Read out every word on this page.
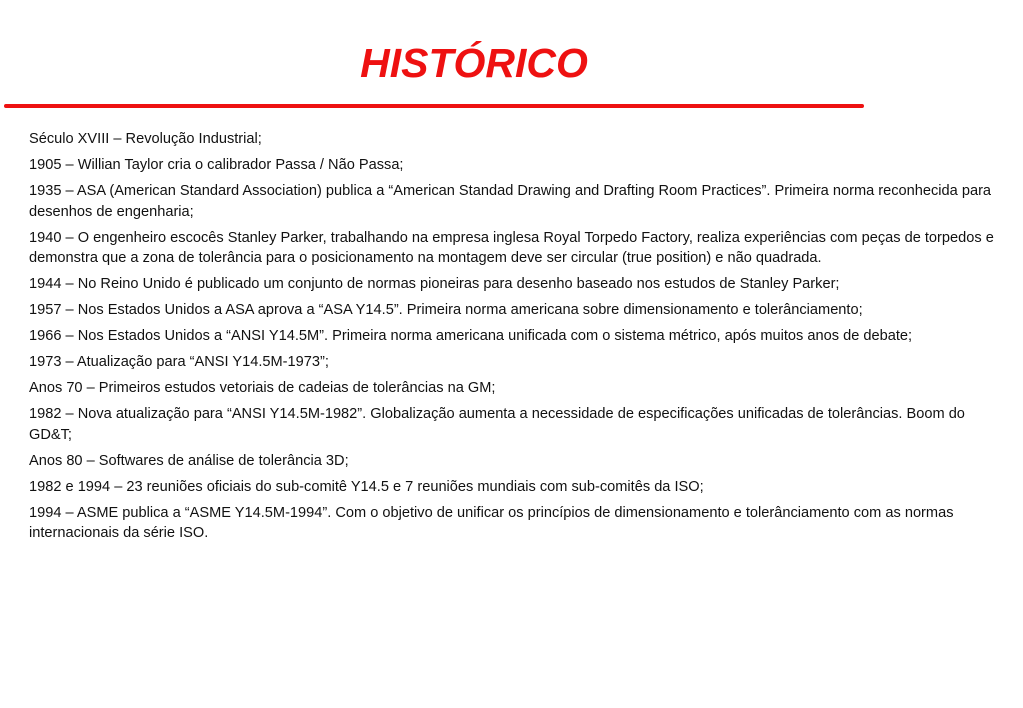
HISTÓRICO
Século XVIII – Revolução Industrial;
1905 – Willian Taylor cria o calibrador Passa / Não Passa;
1935 – ASA (American Standard Association) publica a “American Standad Drawing and Drafting Room Practices”. Primeira norma reconhecida para desenhos de engenharia;
1940 – O engenheiro escocês Stanley Parker, trabalhando na empresa inglesa Royal Torpedo Factory, realiza experiências com peças de torpedos e demonstra que a zona de tolerância para o posicionamento na montagem deve ser circular (true position) e não quadrada.
1944 – No Reino Unido é publicado um conjunto de normas pioneiras para desenho baseado nos estudos de Stanley Parker;
1957 – Nos Estados Unidos a ASA aprova a “ASA Y14.5”. Primeira norma americana sobre dimensionamento e tolerânciamento;
1966 – Nos Estados Unidos a “ANSI Y14.5M”. Primeira norma americana unificada com o sistema métrico, após muitos anos de debate;
1973 – Atualização para “ANSI Y14.5M-1973”;
Anos 70 – Primeiros estudos vetoriais de cadeias de tolerâncias na GM;
1982 – Nova atualização para “ANSI Y14.5M-1982”. Globalização aumenta a necessidade de especificações unificadas de tolerâncias. Boom do GD&T;
Anos 80 – Softwares de análise de tolerância 3D;
1982 e 1994 – 23 reuniões oficiais do sub-comitê Y14.5 e 7 reuniões mundiais com sub-comitês da ISO;
1994 – ASME publica a “ASME Y14.5M-1994”. Com o objetivo de unificar os princípios de dimensionamento e tolerânciamento com as normas internacionais da série ISO.
